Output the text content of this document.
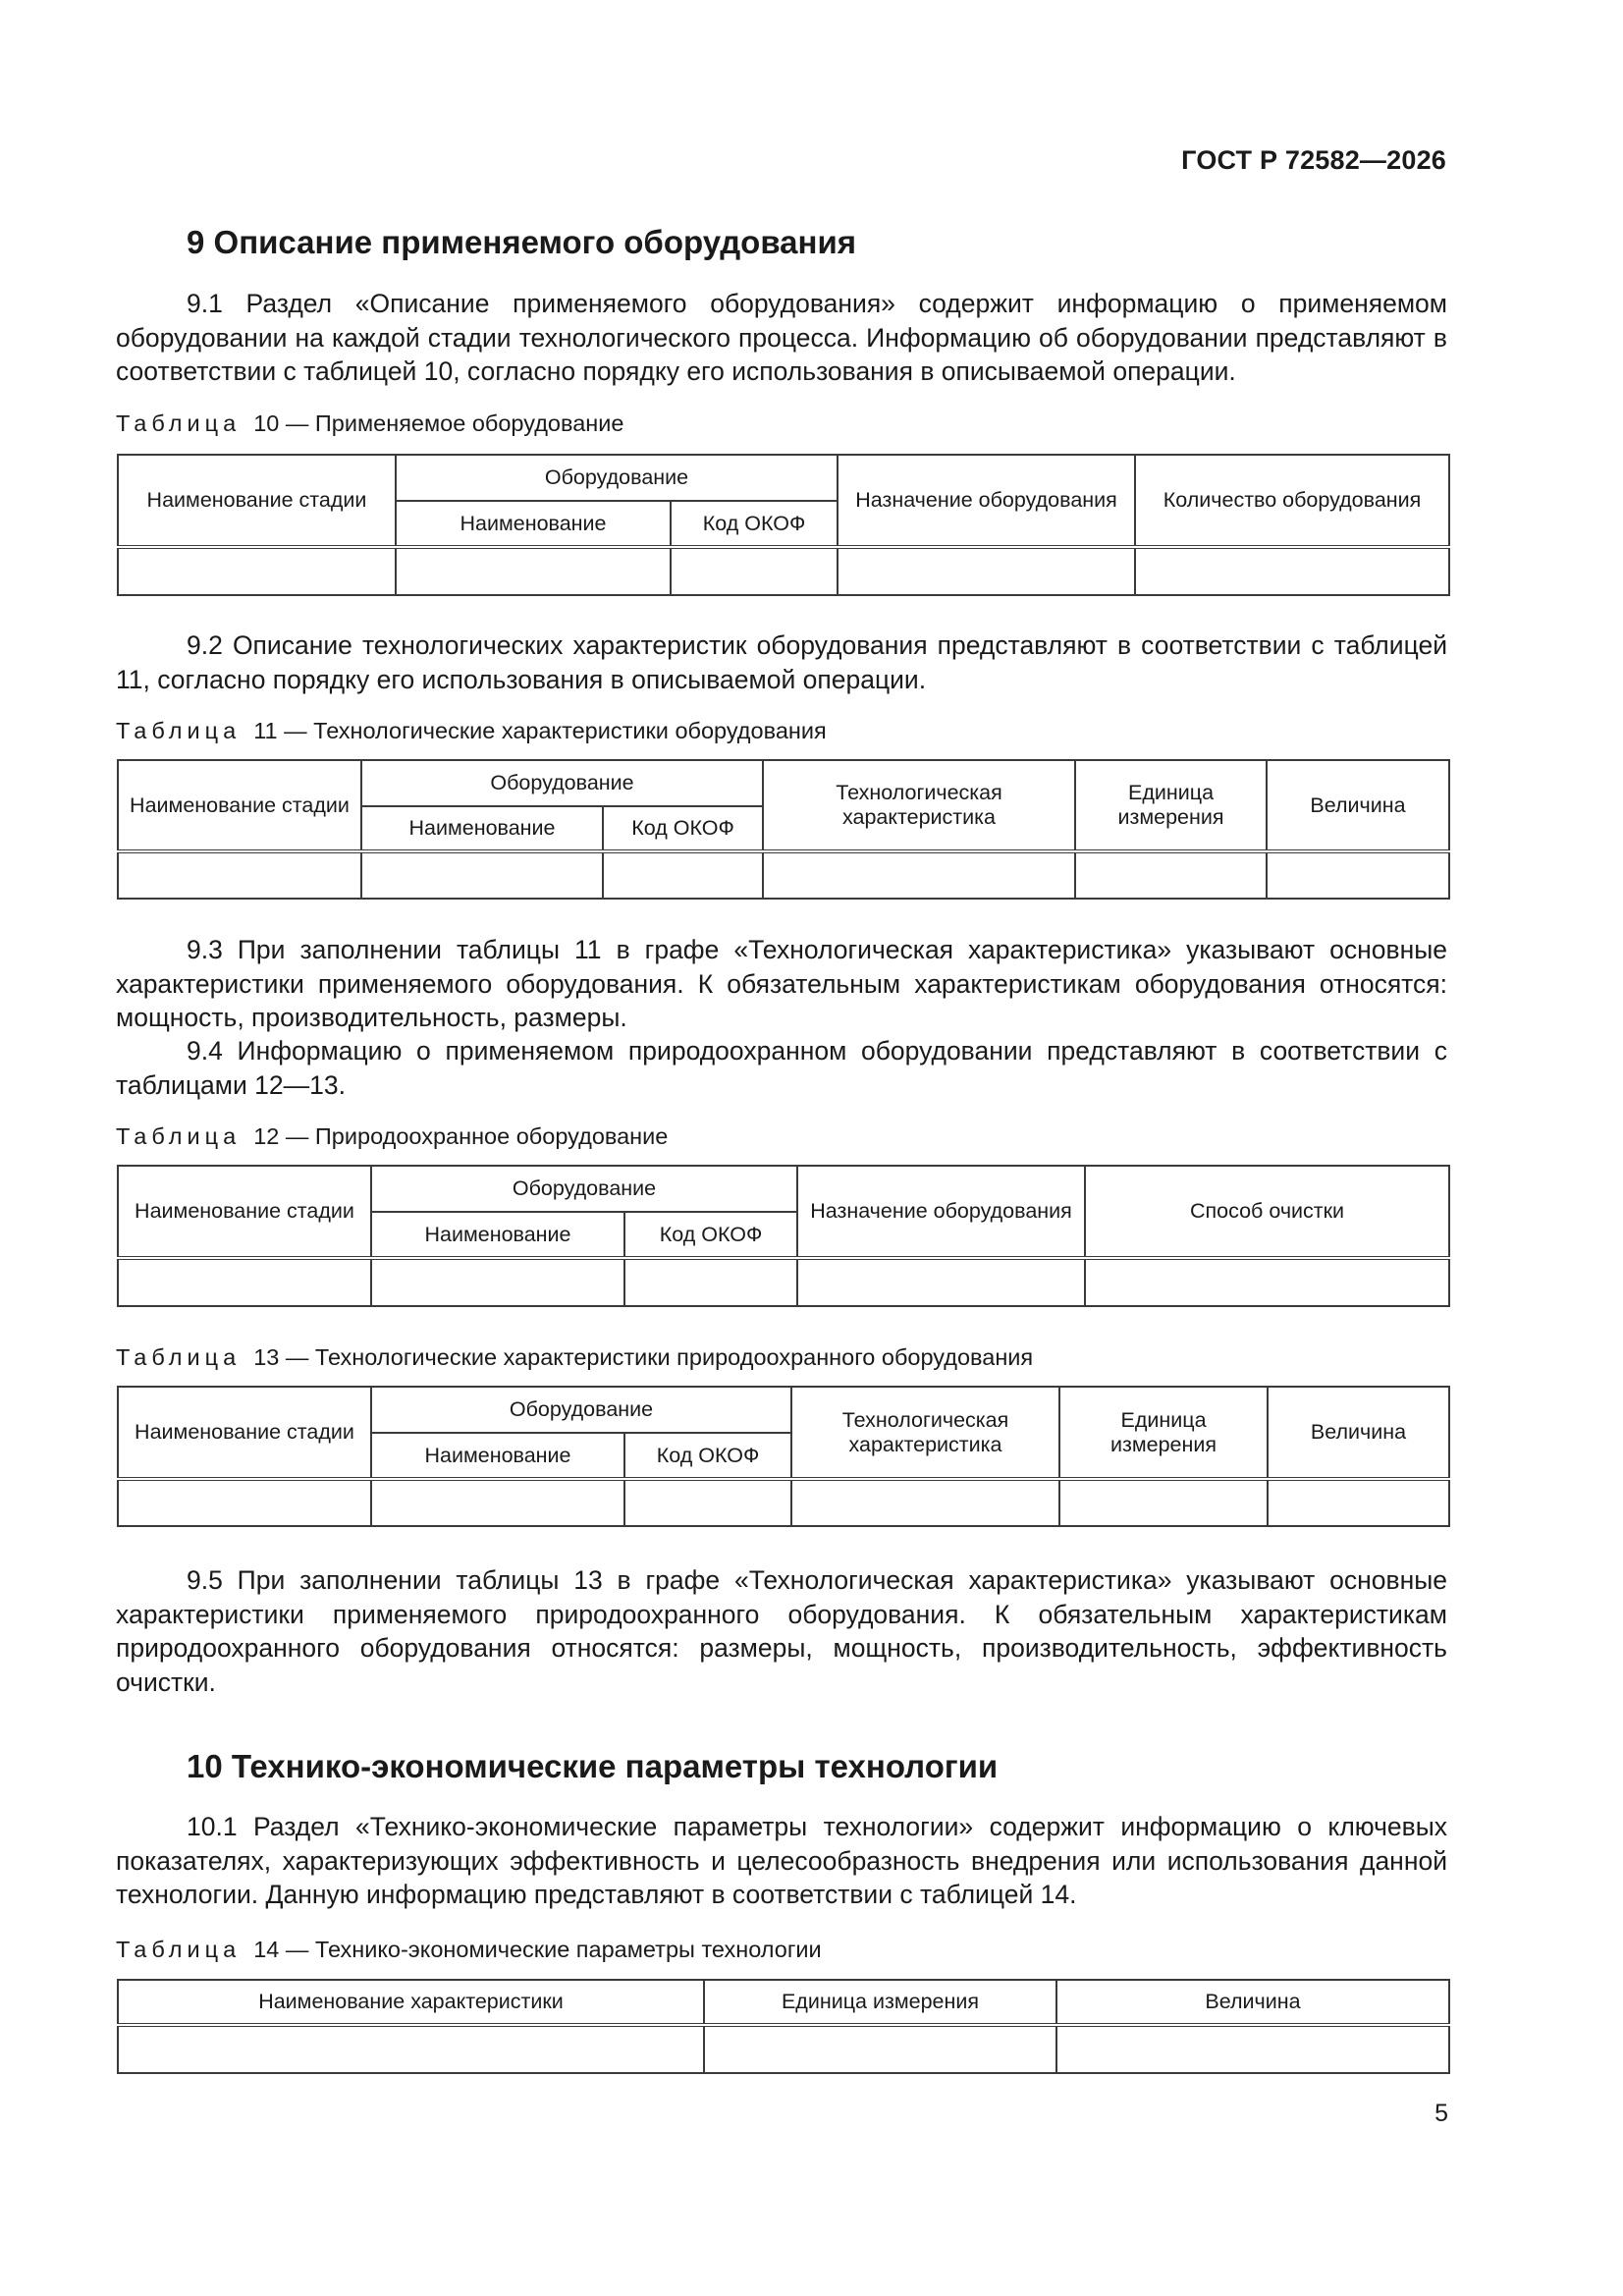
ГОСТ Р 72582—2026
9 Описание применяемого оборудования

9.1 Раздел «Описание применяемого оборудования» содержит информацию о применяемом оборудовании на каждой стадии технологического процесса. Информацию об оборудовании представляют в соответствии с таблицей 10, согласно порядку его использования в описываемой операции.

Таблица 10 — Применяемое оборудование
Наименование стадии	Оборудование		Назначение оборудования	Количество оборудования
	Наименование	Код ОКОФ		

9.2 Описание технологических характеристик оборудования представляют в соответствии с таблицей 11, согласно порядку его использования в описываемой операции.

Таблица 11 — Технологические характеристики оборудования
Наименование стадии	Оборудование		Технологическая характеристика	Единица измерения	Величина
	Наименование	Код ОКОФ			

9.3 При заполнении таблицы 11 в графе «Технологическая характеристика» указывают основные характеристики применяемого оборудования. К обязательным характеристикам оборудования относятся: мощность, производительность, размеры.

9.4 Информацию о применяемом природоохранном оборудовании представляют в соответствии с таблицами 12—13.

Таблица 12 — Природоохранное оборудование
Наименование стадии	Оборудование		Назначение оборудования	Способ очистки
	Наименование	Код ОКОФ		

Таблица 13 — Технологические характеристики природоохранного оборудования
Наименование стадии	Оборудование		Технологическая характеристика	Единица измерения	Величина
	Наименование	Код ОКОФ			

9.5 При заполнении таблицы 13 в графе «Технологическая характеристика» указывают основные характеристики применяемого природоохранного оборудования. К обязательным характеристикам природоохранного оборудования относятся: размеры, мощность, производительность, эффективность очистки.

10 Технико-экономические параметры технологии

10.1 Раздел «Технико-экономические параметры технологии» содержит информацию о ключевых показателях, характеризующих эффективность и целесообразность внедрения или использования данной технологии. Данную информацию представляют в соответствии с таблицей 14.

Таблица 14 — Технико-экономические параметры технологии
Наименование характеристики	Единица измерения	Величина

5
